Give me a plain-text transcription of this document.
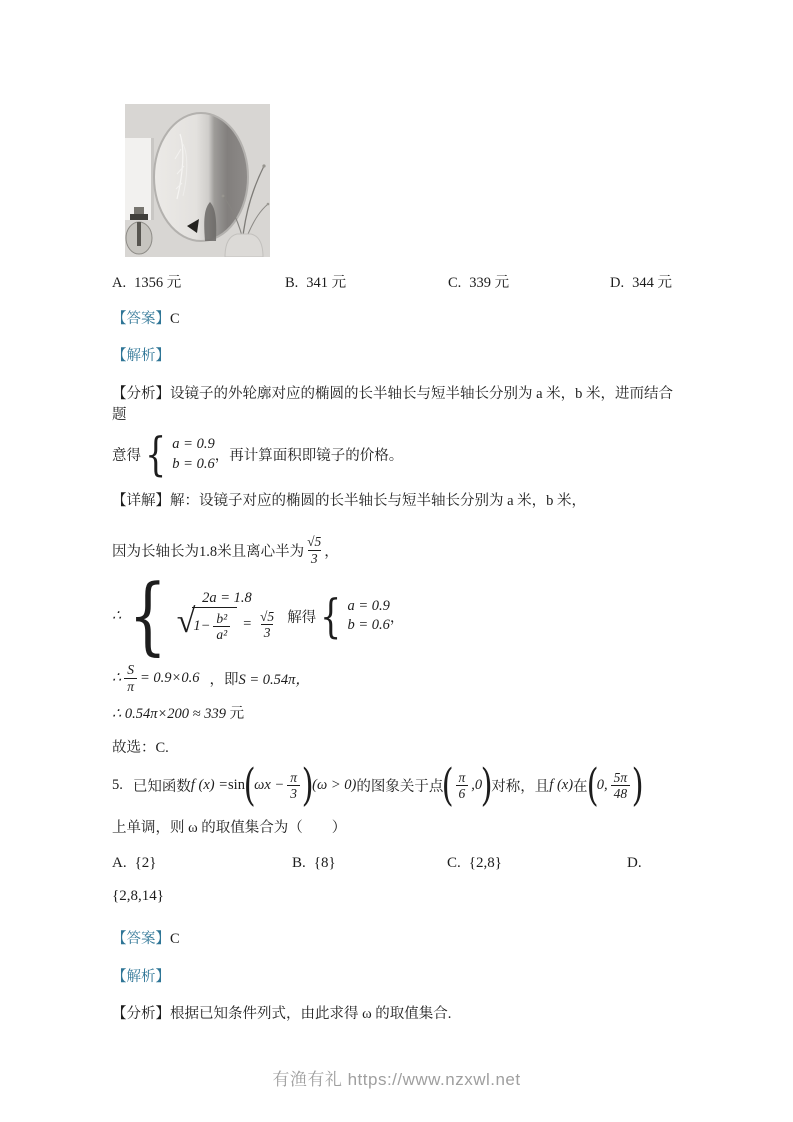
A. 1356 元	B. 341 元	C. 339 元	D. 344 元
【答案】C
【解析】
【分析】设镜子的外轮廓对应的椭圆的长半轴长与短半轴长分别为 a 米，b 米，进而结合题
意得 { a = 0.9
b = 0.6 ，再计算面积即镜子的价格。
【详解】解：设镜子对应的椭圆的长半轴长与短半轴长分别为 a 米，b 米，
因为长轴长为1.8米且离心半为 $\frac{√5}{3}$ ，
∴ { 2a = 1.8
√
$1- \frac{\text{b²}}{\text{a²}} = \frac{√5}{3}$ 解得 { a = 0.9
b = 0.6 ，
∴ $\frac{S}{\pi} = 0.9\times 0.6$ ，即 S = 0.54π，
∴ 0.54π×200 ≈ 339 元
故选：C.
5. 已知函数 f (x) = sin
(
$\omega x - \frac{\pi}{3}$ )
(ω > 0) 的图象关于点
( $\frac{\pi}{6} ,0$
)
对称，且 f (x) 在
(
0, $\frac{5\pi}{48}$ )
上单调，则 ω 的取值集合为（　　）
A. {2}	B. {8}	C. {2,8}	D.
{2,8,14}
【答案】C
【解析】
【分析】根据已知条件列式，由此求得 ω 的取值集合.
有渔有礼 https://www.nzxwl.net
